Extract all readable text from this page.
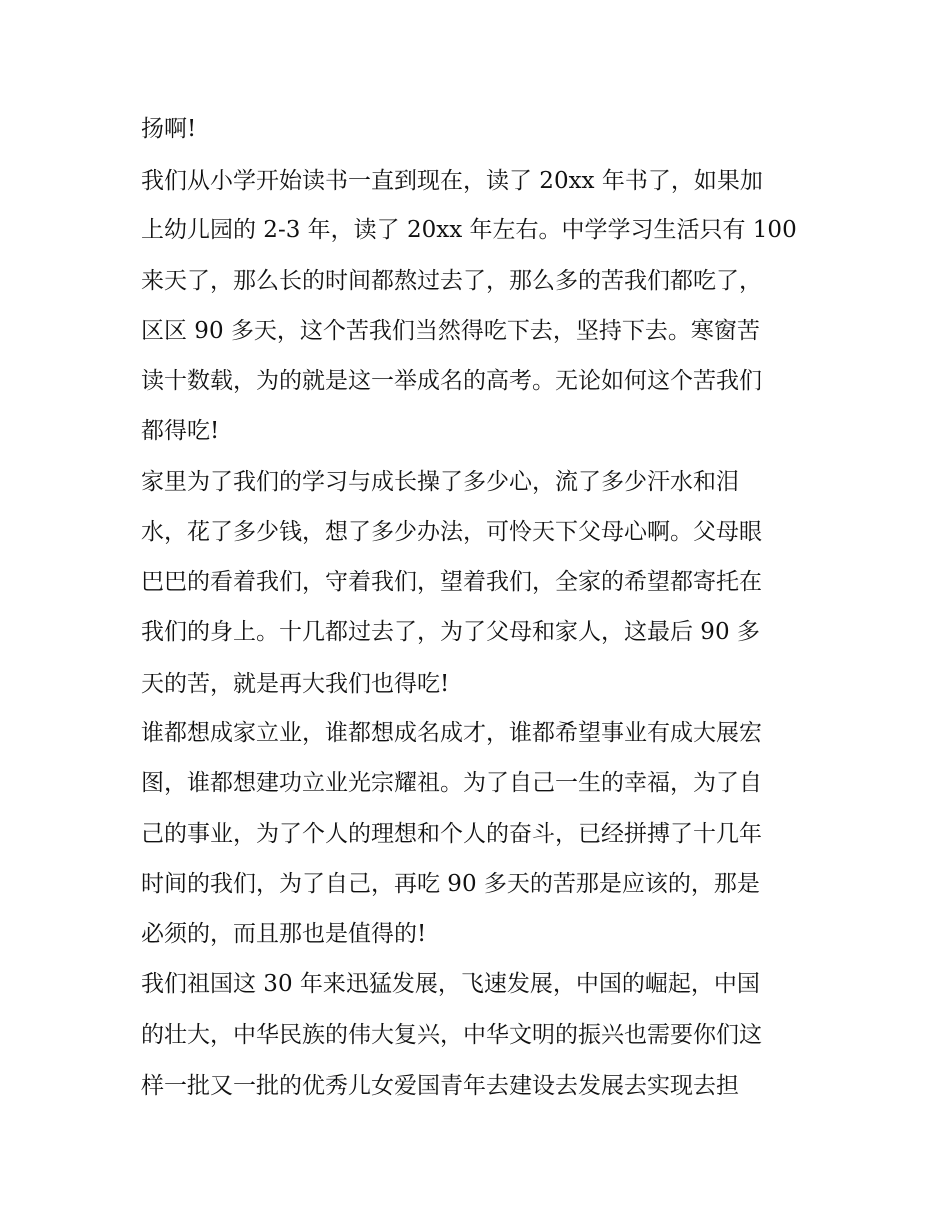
扬啊!
我们从小学开始读书一直到现在，读了 20xx 年书了，如果加
上幼儿园的 2-3 年，读了 20xx 年左右。中学学习生活只有 100
来天了，那么长的时间都熬过去了，那么多的苦我们都吃了，
区区 90 多天，这个苦我们当然得吃下去，坚持下去。寒窗苦
读十数载，为的就是这一举成名的高考。无论如何这个苦我们
都得吃!
家里为了我们的学习与成长操了多少心，流了多少汗水和泪
水，花了多少钱，想了多少办法，可怜天下父母心啊。父母眼
巴巴的看着我们，守着我们，望着我们，全家的希望都寄托在
我们的身上。十几都过去了，为了父母和家人，这最后 90 多
天的苦，就是再大我们也得吃!
谁都想成家立业，谁都想成名成才，谁都希望事业有成大展宏
图，谁都想建功立业光宗耀祖。为了自己一生的幸福，为了自
己的事业，为了个人的理想和个人的奋斗，已经拼搏了十几年
时间的我们，为了自己，再吃 90 多天的苦那是应该的，那是
必须的，而且那也是值得的!
我们祖国这 30 年来迅猛发展，飞速发展，中国的崛起，中国
的壮大，中华民族的伟大复兴，中华文明的振兴也需要你们这
样一批又一批的优秀儿女爱国青年去建设去发展去实现去担
